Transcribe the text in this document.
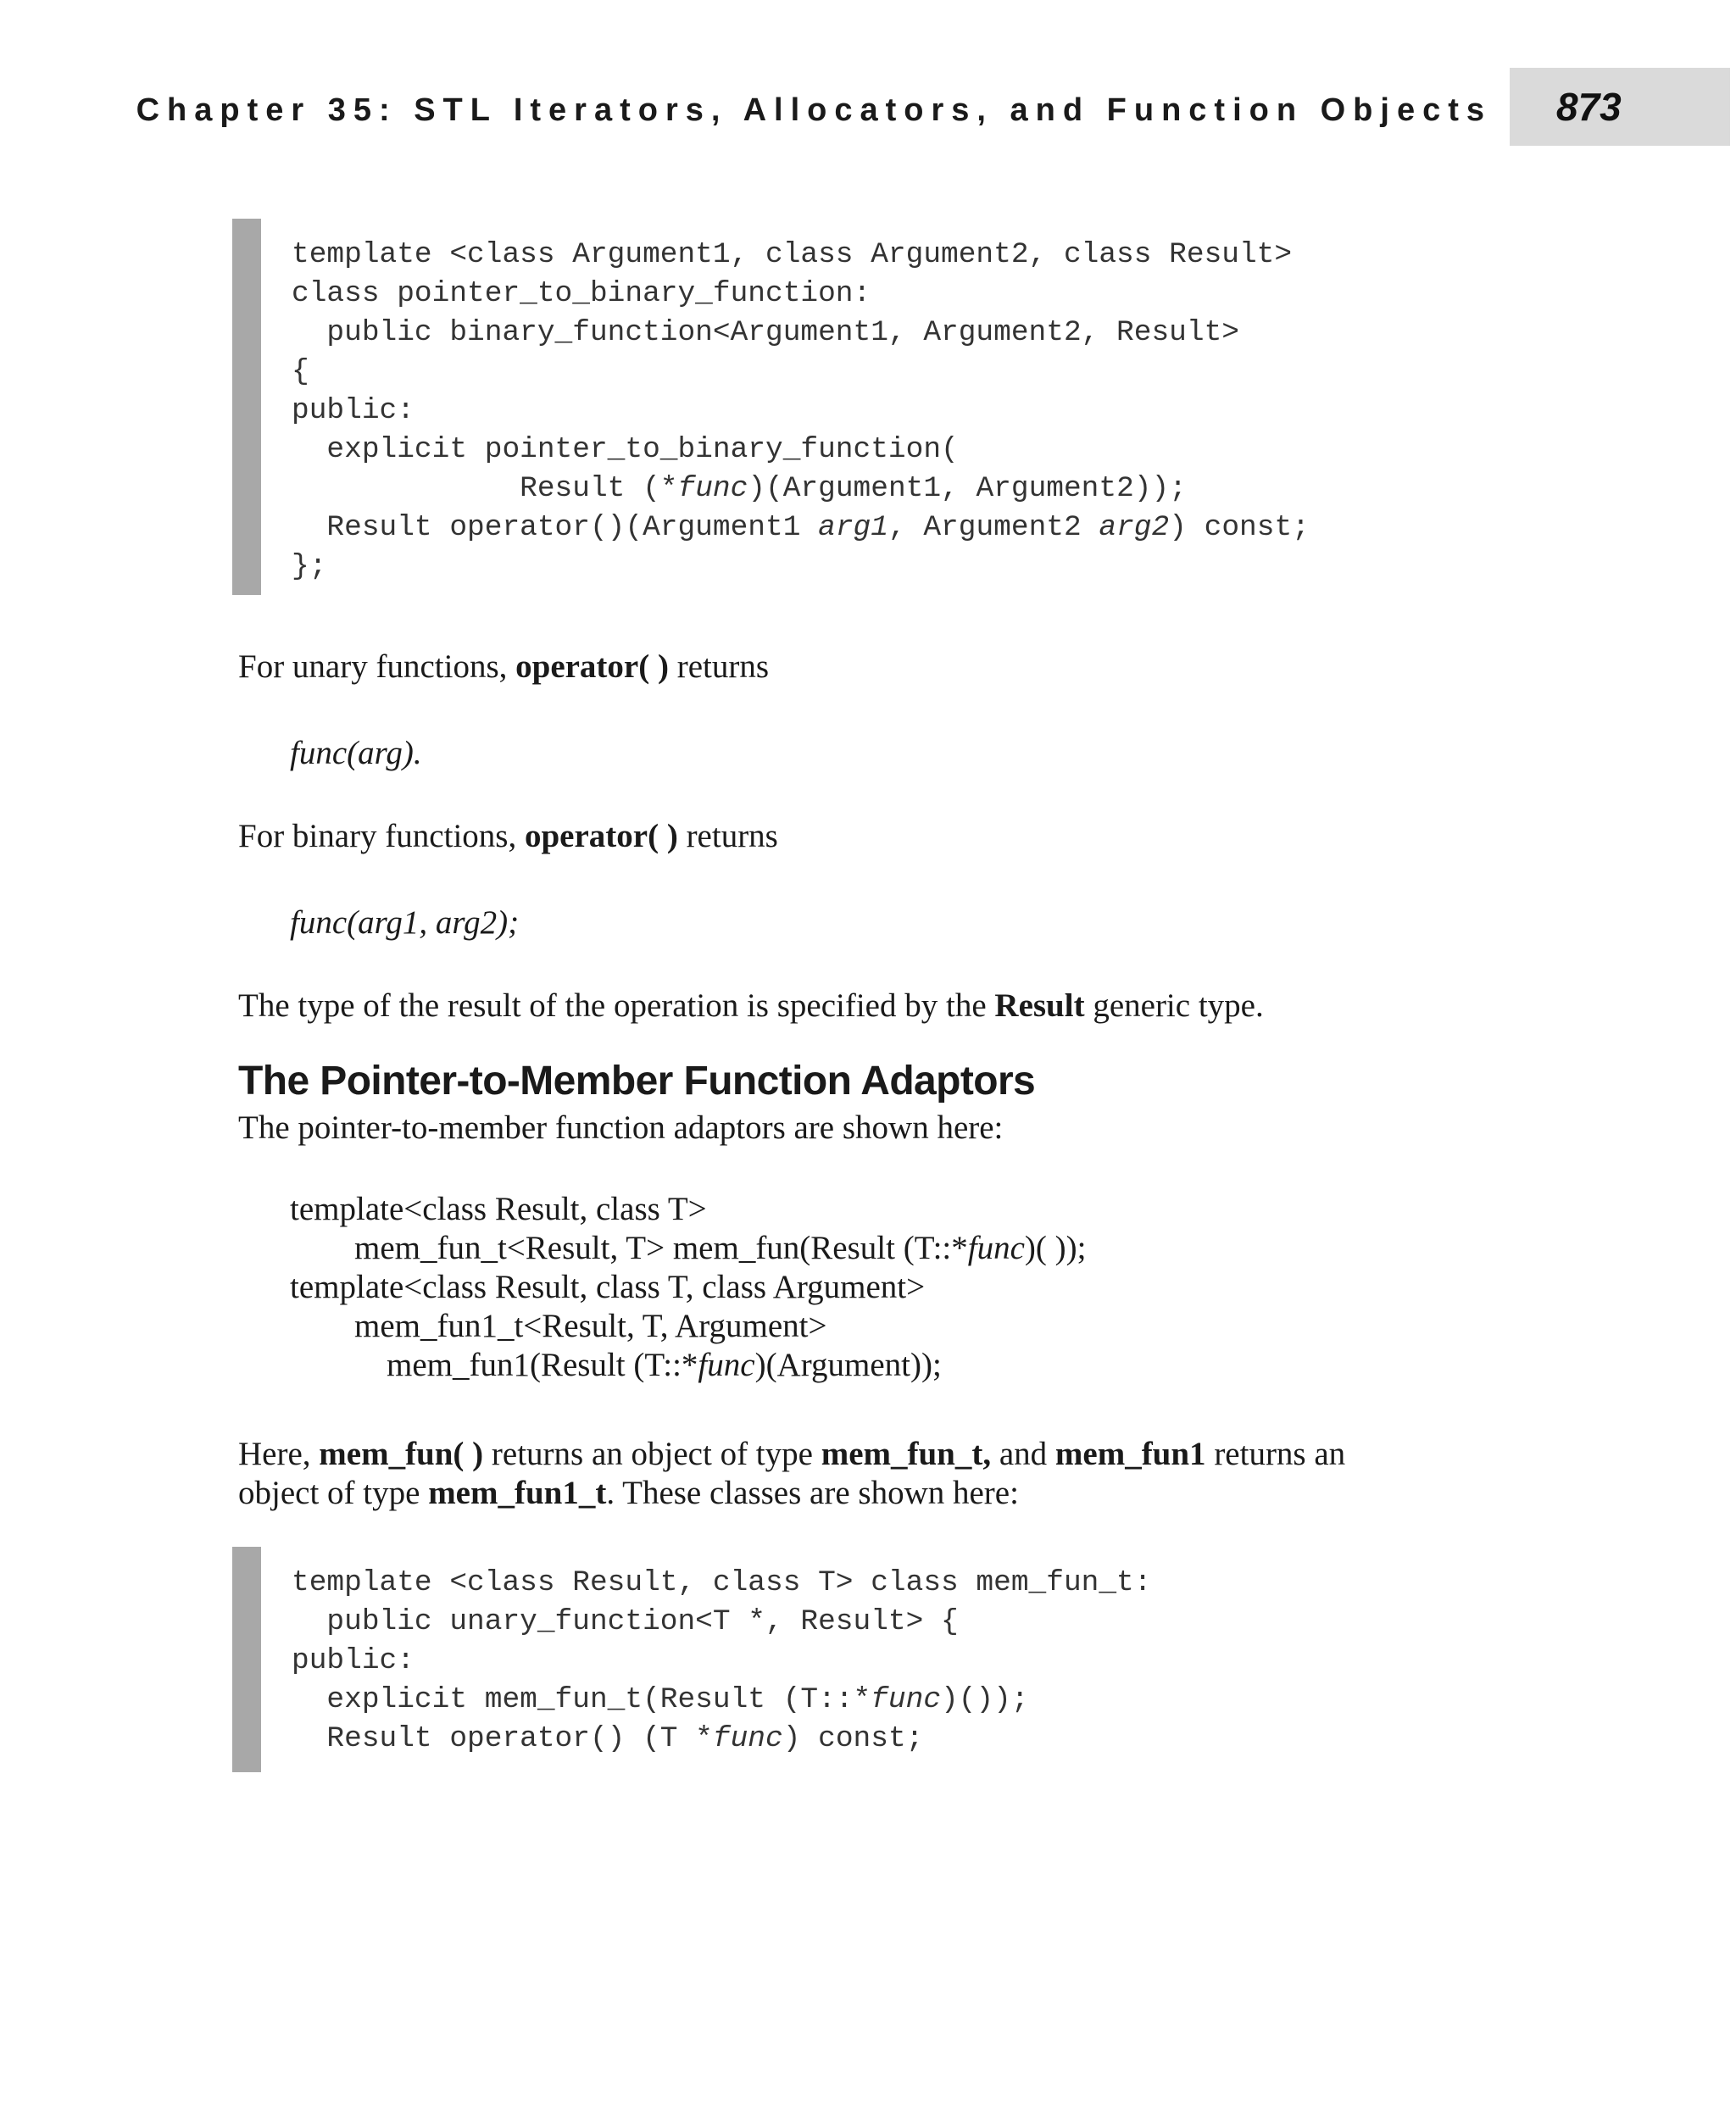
Chapter 35: STL Iterators, Allocators, and Function Objects 873
template <class Argument1, class Argument2, class Result>
class pointer_to_binary_function:
public binary_function<Argument1, Argument2, Result>
{
public:
explicit pointer_to_binary_function(
Result (*func)(Argument1, Argument2));
Result operator()(Argument1 arg1, Argument2 arg2) const;
};

For unary functions, operator( ) returns

func(arg).

For binary functions, operator( ) returns

func(arg1, arg2);

The type of the result of the operation is specified by the Result generic type.

The Pointer-to-Member Function Adaptors

The pointer-to-member function adaptors are shown here:

template<class Result, class T>
mem_fun_t<Result, T> mem_fun(Result (T::*func)( ));
template<class Result, class T, class Argument>
mem_fun1_t<Result, T, Argument>
mem_fun1(Result (T::*func)(Argument));

Here, mem_fun( ) returns an object of type mem_fun_t, and mem_fun1 returns an
object of type mem_fun1_t. These classes are shown here:

template <class Result, class T> class mem_fun_t:
public unary_function<T *, Result> {
public:
explicit mem_fun_t(Result (T::*func)());
Result operator() (T *func) const;
